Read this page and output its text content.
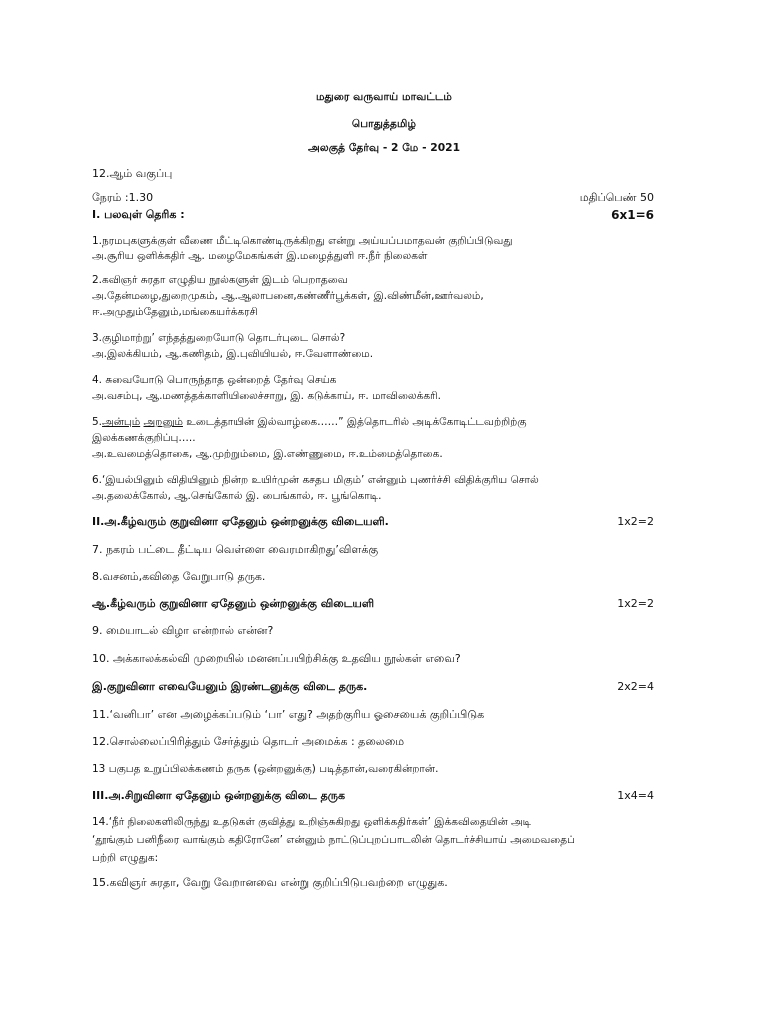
மதுரை வருவாய் மாவட்டம்
பொதுத்தமிழ்
அலகுத் தேர்வு - 2 மே - 2021
12.ஆம் வகுப்பு
நேரம் :1.30	மதிப்பெண் 50
I. பலவுள் தெரிக :	6x1=6
1.நரமபுகளுக்குள் வீணை மீட்டிகொண்டிருக்கிறது என்று அய்யப்பமாதவன் குறிப்பிடுவது
அ.சூரிய ஒளிக்கதிர் ஆ. மழைமேகங்கள் இ.மழைத்துளி ஈ.நீர் நிலைகள்
2.கவிஞர் சுரதா எழுதிய நூல்களுள் இடம் பெறாதவை
அ.தேன்மழை,துறைமுகம், ஆ.ஆலாபனை,கண்ணீர்பூக்கள், இ.விண்மீன்,ஊர்வலம்,
ஈ.அமுதும்தேனும்,மங்கையர்க்கரசி
3.குழிமாற்று’ எந்தத்துறையோடு தொடர்புடை சொல்?
அ.இலக்கியம், ஆ.கணிதம், இ.புவியியல், ஈ.வேளாண்மை.
4. சுவையோடு பொருந்தாத ஒன்றைத் தேர்வு செய்க
அ.வசம்பு, ஆ.மணத்தக்காளியிலைச்சாறு, இ. கடுக்காய், ஈ. மாவிலைக்கரி.
5.அன்பும் அறனும் உடைத்தாயின் இல்வாழ்கை……” இத்தொடரில் அடிக்கோடிட்டவற்றிற்கு
இலக்கணக்குறிப்பு…..
அ.உவமைத்தொகை, ஆ.முற்றும்மை, இ.எண்ணுமை, ஈ.உம்மைத்தொகை.
6.‘இயல்பினும் விதியினும் நின்ற உயிர்முன் கசதப மிகும்’ என்னும் புணர்ச்சி விதிக்குரிய சொல்
அ.தலைக்கோல், ஆ.செங்கோல் இ. பைங்கால், ஈ. பூங்கொடி.
II.அ.கீழ்வரும் குறுவினா ஏதேனும் ஒன்றனுக்கு விடையளி.	1x2=2
7. நகரம் பட்டை தீட்டிய வெள்ளை வைரமாகிறது’விளக்கு
8.வசனம்,கவிதை வேறுபாடு தருக.
ஆ.கீழ்வரும் குறுவினா ஏதேனும் ஒன்றனுக்கு விடையளி	1x2=2
9. மையாடல் விழா என்றால் என்ன?
10. அக்காலக்கல்வி முறையில் மனனப்பயிற்சிக்கு உதவிய நூல்கள் எவை?
இ.குறுவினா எவையேனும் இரண்டனுக்கு விடை தருக.	2x2=4
11.‘வனிபா’ என அழைக்கப்படும் ‘பா’ எது? அதற்குரிய ஓசையைக் குறிப்பிடுக
12.சொல்லைப்பிரித்தும் சேர்த்தும் தொடர் அமைக்க : தலைமை
13 பகுபத உறுப்பிலக்கணம் தருக (ஒன்றனுக்கு) படித்தான்,வரைகின்றான்.
III.அ.சிறுவினா ஏதேனும் ஒன்றனுக்கு விடை தருக	1x4=4
14.‘நீர் நிலைகளிலிருந்து உதடுகள் குவித்து உறிஞ்சுகிறது ஒளிக்கதிர்கள்’ இக்கவிதையின் அடி
‘தூங்கும் பனிநீரை வாங்கும் கதிரோனே’ என்னும் நாட்டுப்புறப்பாடலின் தொடர்ச்சியாய் அமைவதைப்
பற்றி எழுதுக:
15.கவிஞர் சுரதா, வேறு வேறானவை என்று குறிப்பிடுபவற்றை எழுதுக.
